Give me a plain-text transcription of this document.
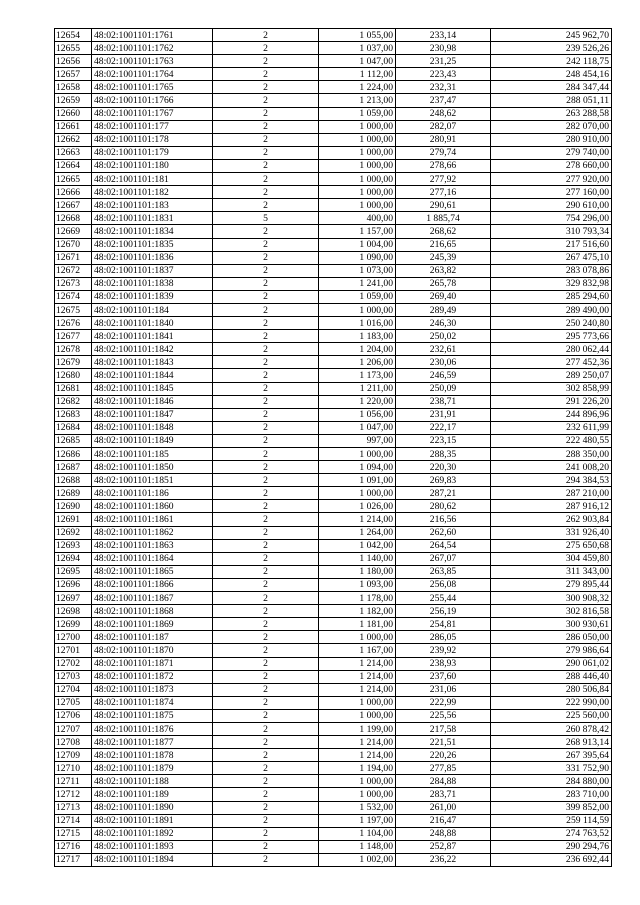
12654	48:02:1001101:1761	2	1 055,00	233,14	245 962,70
12655	48:02:1001101:1762	2	1 037,00	230,98	239 526,26
12656	48:02:1001101:1763	2	1 047,00	231,25	242 118,75
12657	48:02:1001101:1764	2	1 112,00	223,43	248 454,16
12658	48:02:1001101:1765	2	1 224,00	232,31	284 347,44
12659	48:02:1001101:1766	2	1 213,00	237,47	288 051,11
12660	48:02:1001101:1767	2	1 059,00	248,62	263 288,58
12661	48:02:1001101:177	2	1 000,00	282,07	282 070,00
12662	48:02:1001101:178	2	1 000,00	280,91	280 910,00
12663	48:02:1001101:179	2	1 000,00	279,74	279 740,00
12664	48:02:1001101:180	2	1 000,00	278,66	278 660,00
12665	48:02:1001101:181	2	1 000,00	277,92	277 920,00
12666	48:02:1001101:182	2	1 000,00	277,16	277 160,00
12667	48:02:1001101:183	2	1 000,00	290,61	290 610,00
12668	48:02:1001101:1831	5	400,00	1 885,74	754 296,00
12669	48:02:1001101:1834	2	1 157,00	268,62	310 793,34
12670	48:02:1001101:1835	2	1 004,00	216,65	217 516,60
12671	48:02:1001101:1836	2	1 090,00	245,39	267 475,10
12672	48:02:1001101:1837	2	1 073,00	263,82	283 078,86
12673	48:02:1001101:1838	2	1 241,00	265,78	329 832,98
12674	48:02:1001101:1839	2	1 059,00	269,40	285 294,60
12675	48:02:1001101:184	2	1 000,00	289,49	289 490,00
12676	48:02:1001101:1840	2	1 016,00	246,30	250 240,80
12677	48:02:1001101:1841	2	1 183,00	250,02	295 773,66
12678	48:02:1001101:1842	2	1 204,00	232,61	280 062,44
12679	48:02:1001101:1843	2	1 206,00	230,06	277 452,36
12680	48:02:1001101:1844	2	1 173,00	246,59	289 250,07
12681	48:02:1001101:1845	2	1 211,00	250,09	302 858,99
12682	48:02:1001101:1846	2	1 220,00	238,71	291 226,20
12683	48:02:1001101:1847	2	1 056,00	231,91	244 896,96
12684	48:02:1001101:1848	2	1 047,00	222,17	232 611,99
12685	48:02:1001101:1849	2	997,00	223,15	222 480,55
12686	48:02:1001101:185	2	1 000,00	288,35	288 350,00
12687	48:02:1001101:1850	2	1 094,00	220,30	241 008,20
12688	48:02:1001101:1851	2	1 091,00	269,83	294 384,53
12689	48:02:1001101:186	2	1 000,00	287,21	287 210,00
12690	48:02:1001101:1860	2	1 026,00	280,62	287 916,12
12691	48:02:1001101:1861	2	1 214,00	216,56	262 903,84
12692	48:02:1001101:1862	2	1 264,00	262,60	331 926,40
12693	48:02:1001101:1863	2	1 042,00	264,54	275 650,68
12694	48:02:1001101:1864	2	1 140,00	267,07	304 459,80
12695	48:02:1001101:1865	2	1 180,00	263,85	311 343,00
12696	48:02:1001101:1866	2	1 093,00	256,08	279 895,44
12697	48:02:1001101:1867	2	1 178,00	255,44	300 908,32
12698	48:02:1001101:1868	2	1 182,00	256,19	302 816,58
12699	48:02:1001101:1869	2	1 181,00	254,81	300 930,61
12700	48:02:1001101:187	2	1 000,00	286,05	286 050,00
12701	48:02:1001101:1870	2	1 167,00	239,92	279 986,64
12702	48:02:1001101:1871	2	1 214,00	238,93	290 061,02
12703	48:02:1001101:1872	2	1 214,00	237,60	288 446,40
12704	48:02:1001101:1873	2	1 214,00	231,06	280 506,84
12705	48:02:1001101:1874	2	1 000,00	222,99	222 990,00
12706	48:02:1001101:1875	2	1 000,00	225,56	225 560,00
12707	48:02:1001101:1876	2	1 199,00	217,58	260 878,42
12708	48:02:1001101:1877	2	1 214,00	221,51	268 913,14
12709	48:02:1001101:1878	2	1 214,00	220,26	267 395,64
12710	48:02:1001101:1879	2	1 194,00	277,85	331 752,90
12711	48:02:1001101:188	2	1 000,00	284,88	284 880,00
12712	48:02:1001101:189	2	1 000,00	283,71	283 710,00
12713	48:02:1001101:1890	2	1 532,00	261,00	399 852,00
12714	48:02:1001101:1891	2	1 197,00	216,47	259 114,59
12715	48:02:1001101:1892	2	1 104,00	248,88	274 763,52
12716	48:02:1001101:1893	2	1 148,00	252,87	290 294,76
12717	48:02:1001101:1894	2	1 002,00	236,22	236 692,44
